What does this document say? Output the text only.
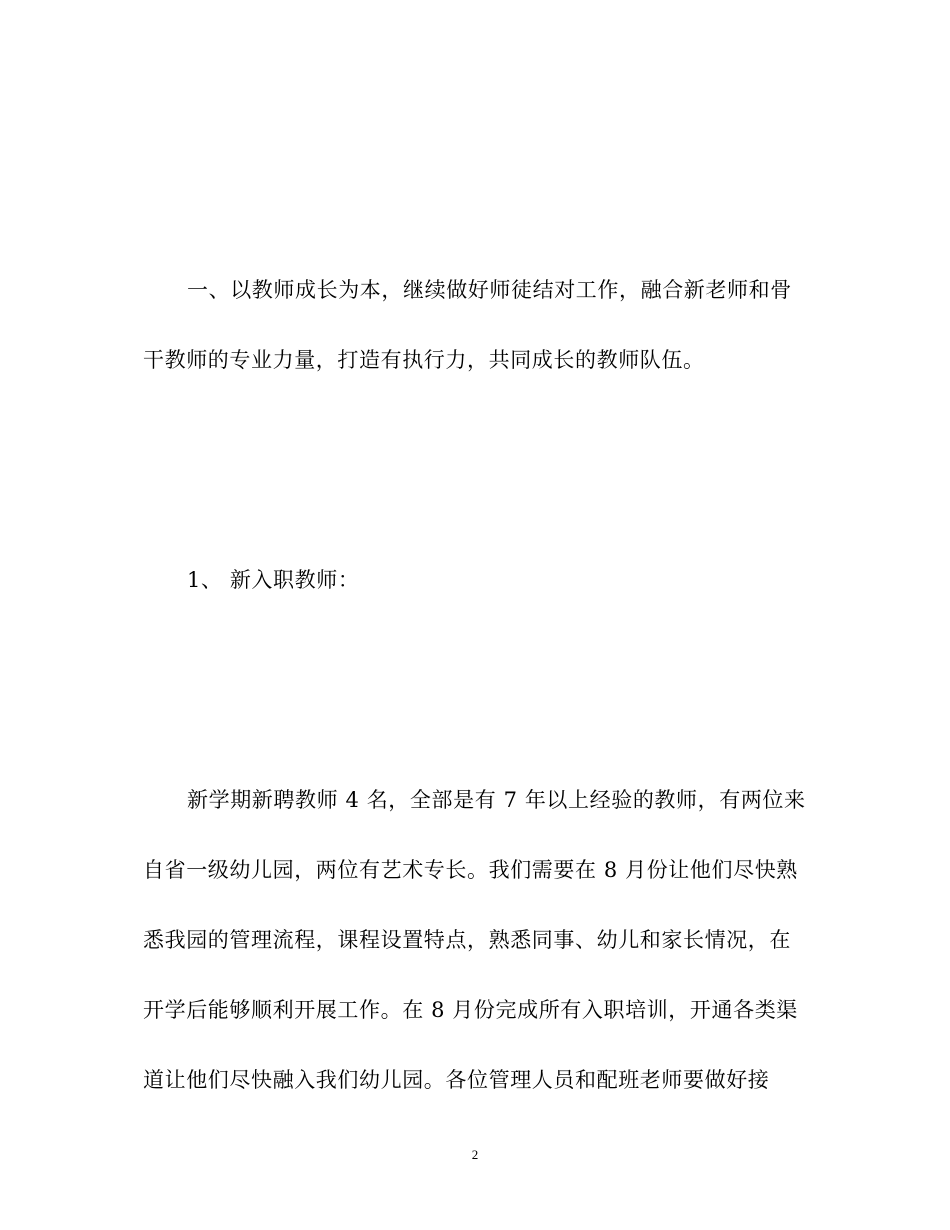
一、以教师成长为本，继续做好师徒结对工作，融合新老师和骨
干教师的专业力量，打造有执行力，共同成长的教师队伍。
1、 新入职教师：
新学期新聘教师 4 名，全部是有 7 年以上经验的教师，有两位来
自省一级幼儿园，两位有艺术专长。我们需要在 8 月份让他们尽快熟
悉我园的管理流程，课程设置特点，熟悉同事、幼儿和家长情况，在
开学后能够顺利开展工作。在 8 月份完成所有入职培训，开通各类渠
道让他们尽快融入我们幼儿园。各位管理人员和配班老师要做好接
2
